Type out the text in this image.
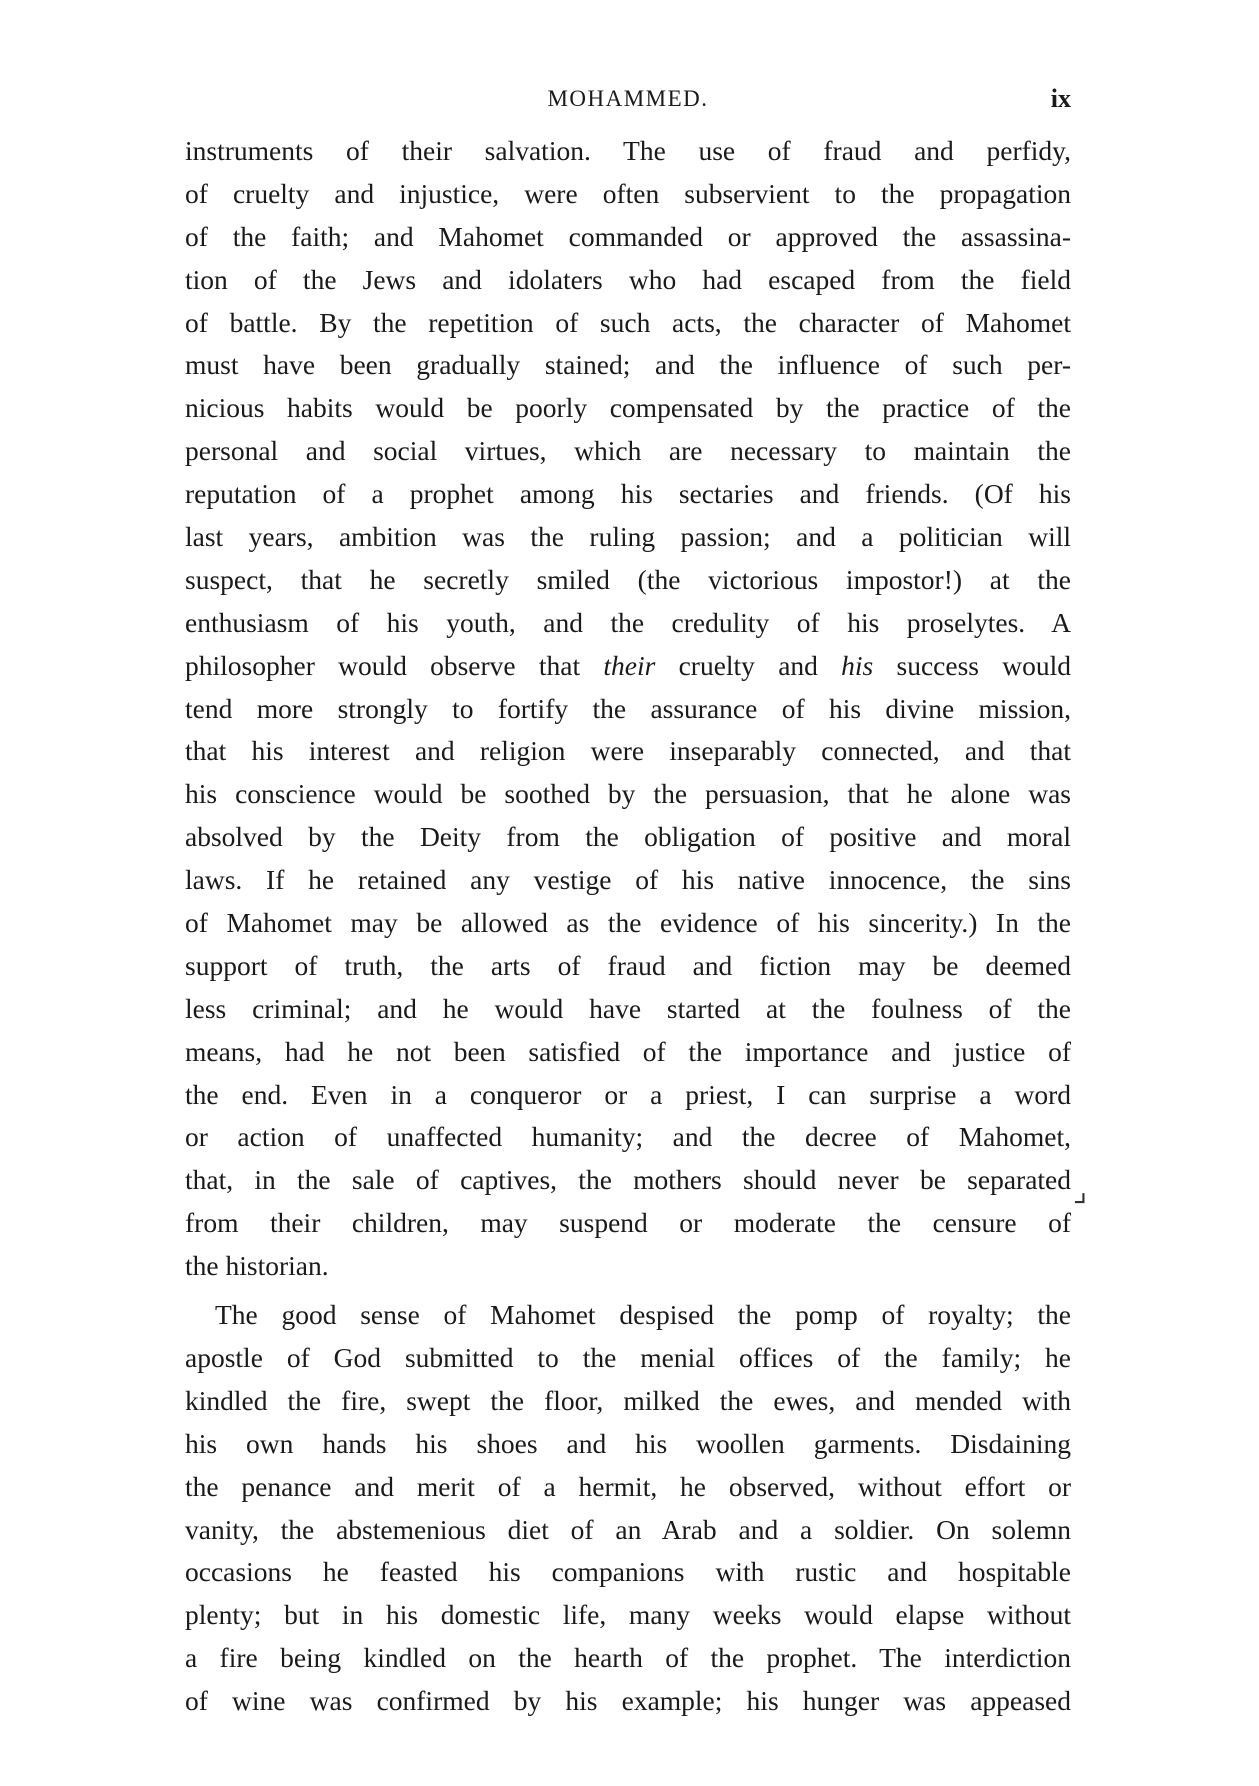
MOHAMMED.	ix
instruments of their salvation. The use of fraud and perfidy,
of cruelty and injustice, were often subservient to the propagation
of the faith; and Mahomet commanded or approved the assassina-
tion of the Jews and idolaters who had escaped from the field
of battle. By the repetition of such acts, the character of Mahomet
must have been gradually stained; and the influence of such per-
nicious habits would be poorly compensated by the practice of the
personal and social virtues, which are necessary to maintain the
reputation of a prophet among his sectaries and friends. (Of his
last years, ambition was the ruling passion; and a politician will
suspect, that he secretly smiled (the victorious impostor!) at the
enthusiasm of his youth, and the credulity of his proselytes. A
philosopher would observe that their cruelty and his success would
tend more strongly to fortify the assurance of his divine mission,
that his interest and religion were inseparably connected, and that
his conscience would be soothed by the persuasion, that he alone was
absolved by the Deity from the obligation of positive and moral
laws. If he retained any vestige of his native innocence, the sins
of Mahomet may be allowed as the evidence of his sincerity.) In the
support of truth, the arts of fraud and fiction may be deemed
less criminal; and he would have started at the foulness of the
means, had he not been satisfied of the importance and justice of
the end. Even in a conqueror or a priest, I can surprise a word
or action of unaffected humanity; and the decree of Mahomet,
that, in the sale of captives, the mothers should never be separated
from their children, may suspend or moderate the censure of
the historian.
The good sense of Mahomet despised the pomp of royalty; the
apostle of God submitted to the menial offices of the family; he
kindled the fire, swept the floor, milked the ewes, and mended with
his own hands his shoes and his woollen garments. Disdaining
the penance and merit of a hermit, he observed, without effort or
vanity, the abstemenious diet of an Arab and a soldier. On solemn
occasions he feasted his companions with rustic and hospitable
plenty; but in his domestic life, many weeks would elapse without
a fire being kindled on the hearth of the prophet. The interdiction
of wine was confirmed by his example; his hunger was appeased
⌟
